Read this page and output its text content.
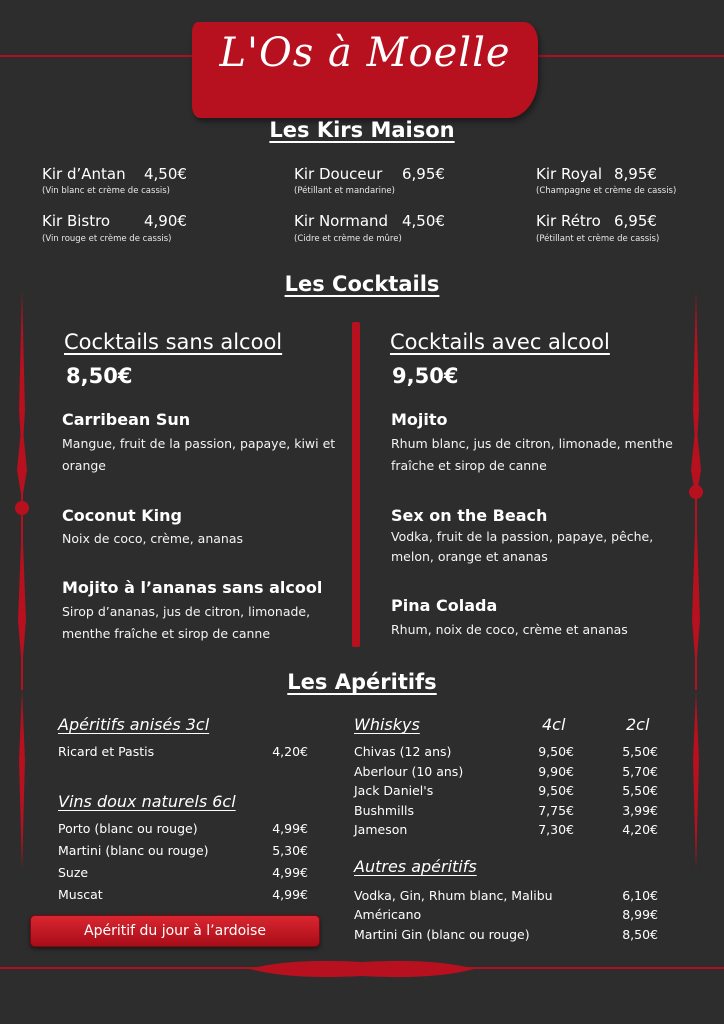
L'Os à Moelle
Les Kirs Maison
Kir d’Antan 4,50€
(Vin blanc et crème de cassis)
Kir Douceur 6,95€
(Pétillant et mandarine)
Kir Royal 8,95€
(Champagne et crème de cassis)
Kir Bistro 4,90€
(Vin rouge et crème de cassis)
Kir Normand 4,50€
(Cidre et crème de mûre)
Kir Rétro 6,95€
(Pétillant et crème de cassis)
Les Cocktails
Cocktails sans alcool
8,50€
Carribean Sun
Mangue, fruit de la passion, papaye, kiwi et orange
Coconut King
Noix de coco, crème, ananas
Mojito à l’ananas sans alcool
Sirop d’ananas, jus de citron, limonade, menthe fraîche et sirop de canne
Cocktails avec alcool
9,50€
Mojito
Rhum blanc, jus de citron, limonade, menthe fraîche et sirop de canne
Sex on the Beach
Vodka, fruit de la passion, papaye, pêche, melon, orange et ananas
Pina Colada
Rhum, noix de coco, crème et ananas
Les Apéritifs
Apéritifs anisés 3cl
Ricard et Pastis	4,20€
Vins doux naturels 6cl
Porto (blanc ou rouge)	4,99€
Martini (blanc ou rouge)	5,30€
Suze	4,99€
Muscat	4,99€
Whiskys	4cl	2cl
Chivas (12 ans)	9,50€	5,50€
Aberlour (10 ans)	9,90€	5,70€
Jack Daniel's	9,50€	5,50€
Bushmills	7,75€	3,99€
Jameson	7,30€	4,20€
Autres apéritifs
Vodka, Gin, Rhum blanc, Malibu	6,10€
Américano	8,99€
Martini Gin (blanc ou rouge)	8,50€
Apéritif du jour à l’ardoise
